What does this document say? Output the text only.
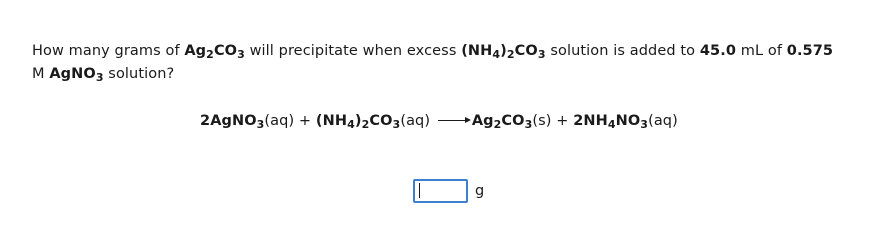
How many grams of $Ag_2CO_3$ will precipitate when excess $(NH_4)_2CO_3$ solution is added to 45.0 mL of 0.575
M AgNO$_3$ solution?
2AgNO$_3$(aq) + $(NH_4)_2CO_3(aq)$	$Ag_2CO_3(s) + 2NH_4NO_3(aq)$
g
